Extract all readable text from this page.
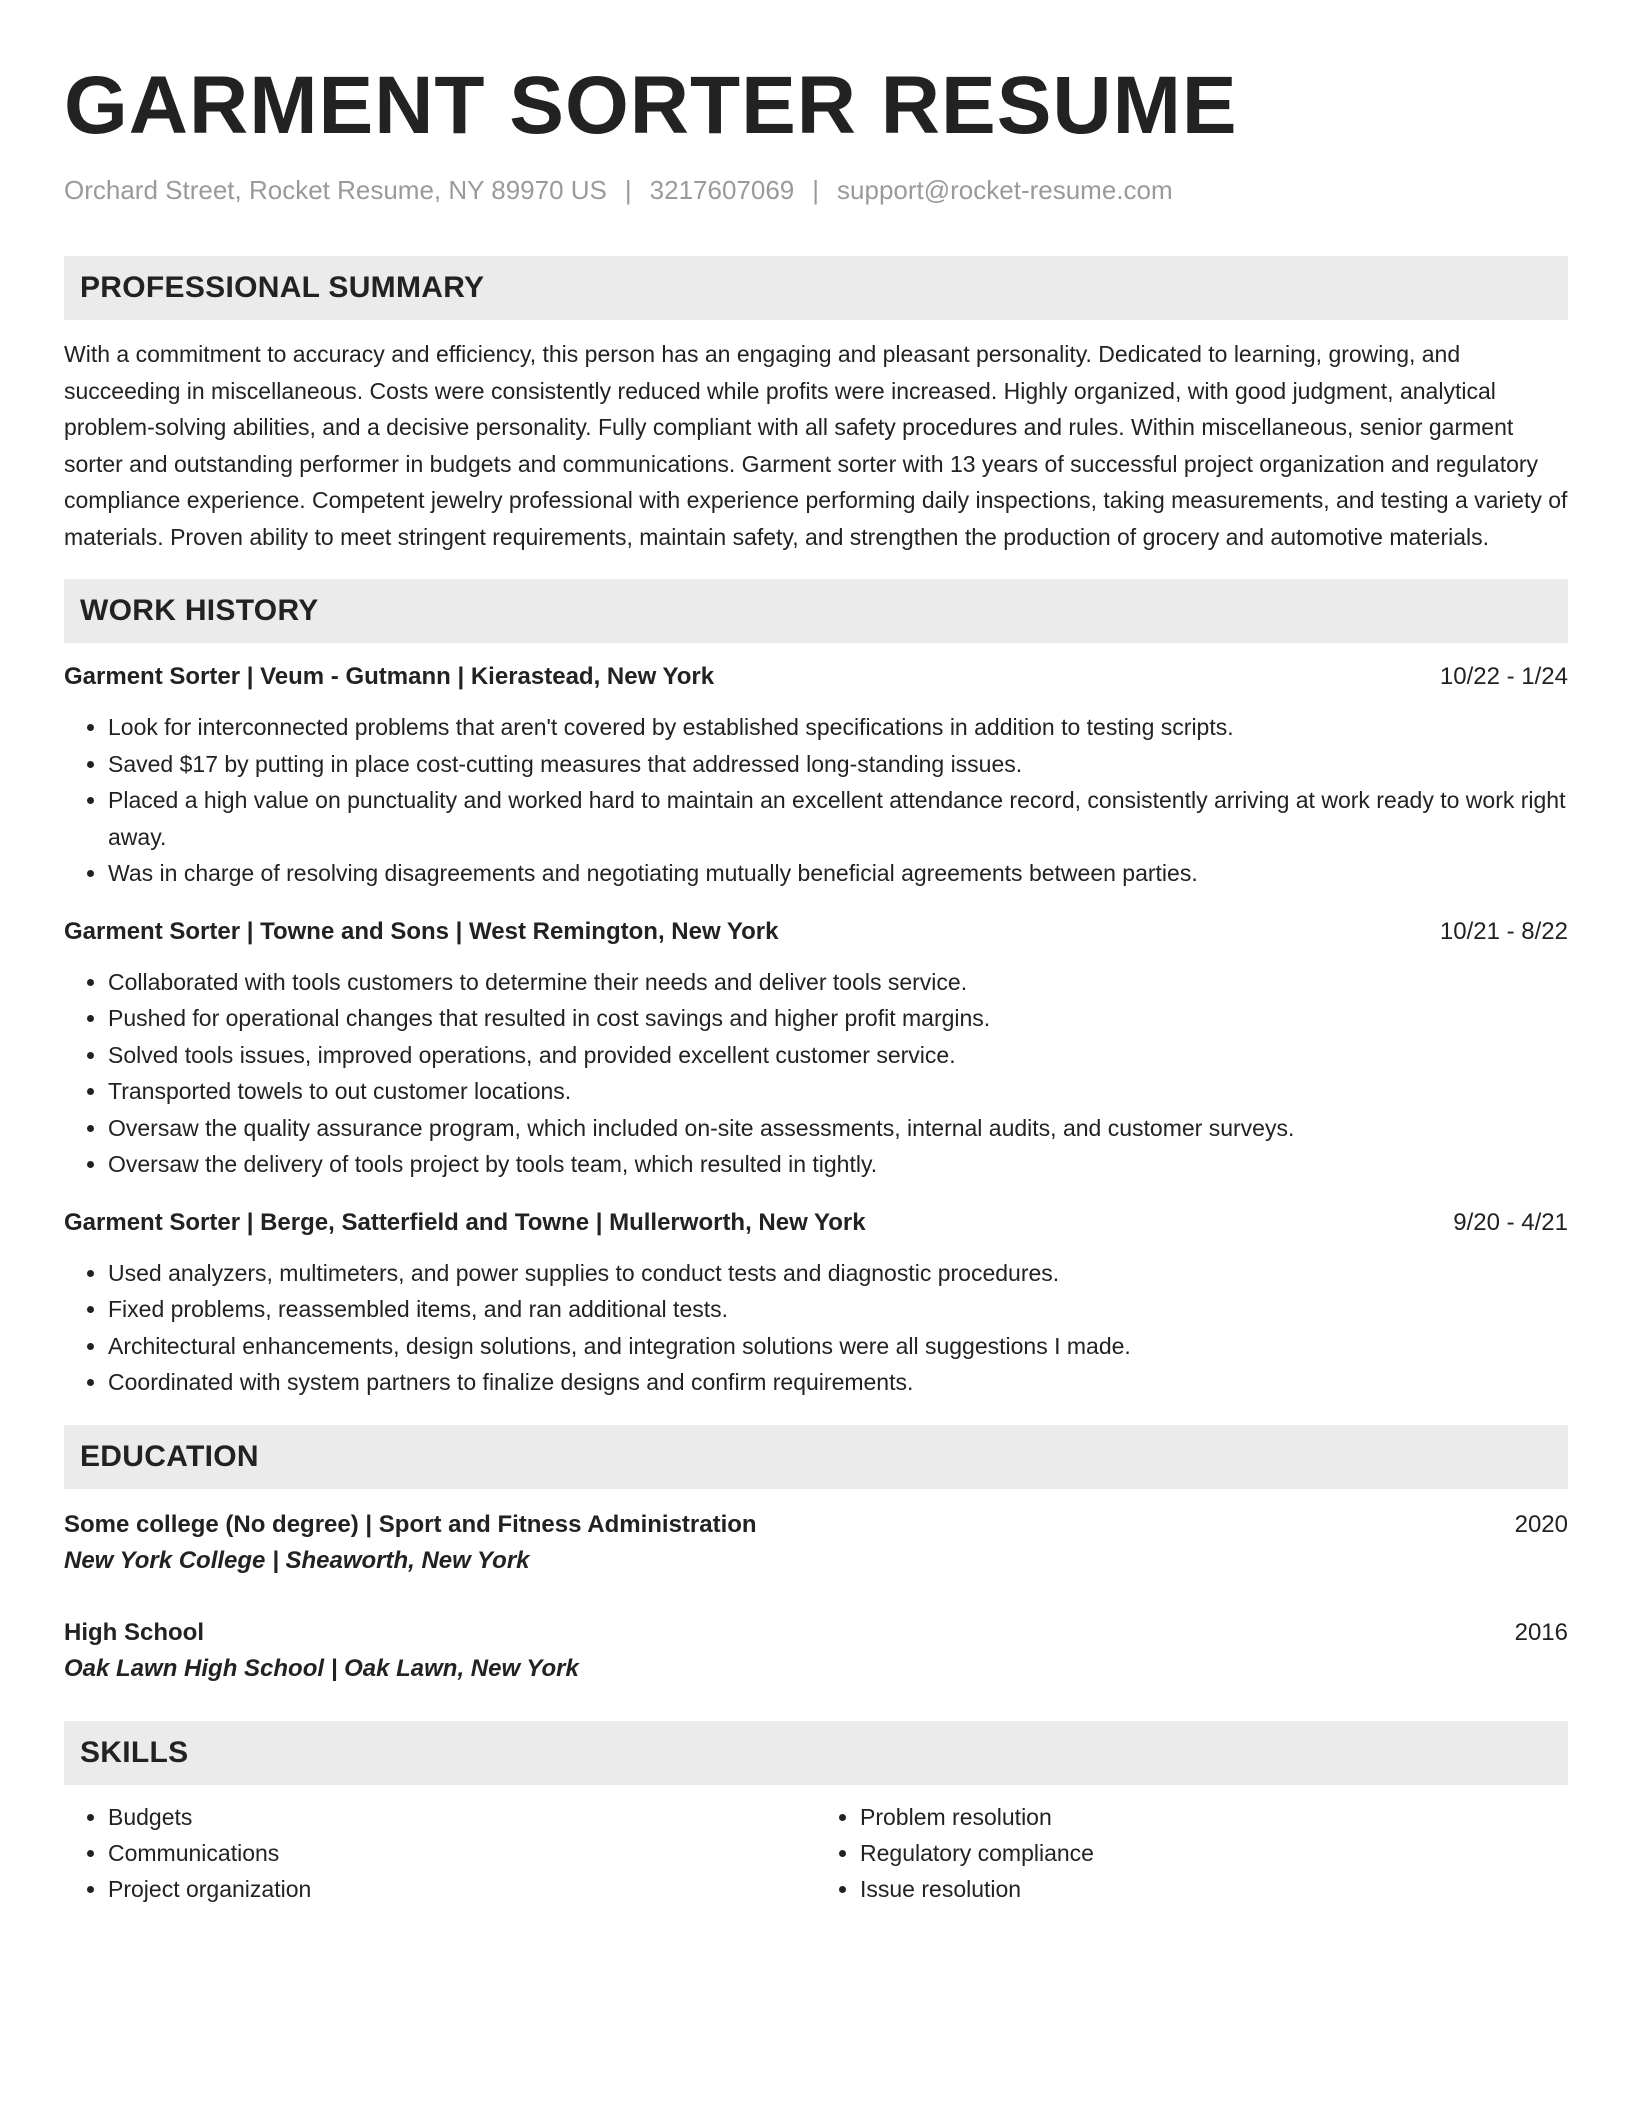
GARMENT SORTER RESUME
Orchard Street, Rocket Resume, NY 89970 US | 3217607069 | support@rocket-resume.com
PROFESSIONAL SUMMARY
With a commitment to accuracy and efficiency, this person has an engaging and pleasant personality. Dedicated to learning, growing, and succeeding in miscellaneous. Costs were consistently reduced while profits were increased. Highly organized, with good judgment, analytical problem-solving abilities, and a decisive personality. Fully compliant with all safety procedures and rules. Within miscellaneous, senior garment sorter and outstanding performer in budgets and communications. Garment sorter with 13 years of successful project organization and regulatory compliance experience. Competent jewelry professional with experience performing daily inspections, taking measurements, and testing a variety of materials. Proven ability to meet stringent requirements, maintain safety, and strengthen the production of grocery and automotive materials.
WORK HISTORY
Garment Sorter | Veum - Gutmann | Kierastead, New York	10/22 - 1/24
• Look for interconnected problems that aren't covered by established specifications in addition to testing scripts.
• Saved $17 by putting in place cost-cutting measures that addressed long-standing issues.
• Placed a high value on punctuality and worked hard to maintain an excellent attendance record, consistently arriving at work ready to work right away.
• Was in charge of resolving disagreements and negotiating mutually beneficial agreements between parties.
Garment Sorter | Towne and Sons | West Remington, New York	10/21 - 8/22
• Collaborated with tools customers to determine their needs and deliver tools service.
• Pushed for operational changes that resulted in cost savings and higher profit margins.
• Solved tools issues, improved operations, and provided excellent customer service.
• Transported towels to out customer locations.
• Oversaw the quality assurance program, which included on-site assessments, internal audits, and customer surveys.
• Oversaw the delivery of tools project by tools team, which resulted in tightly.
Garment Sorter | Berge, Satterfield and Towne | Mullerworth, New York	9/20 - 4/21
• Used analyzers, multimeters, and power supplies to conduct tests and diagnostic procedures.
• Fixed problems, reassembled items, and ran additional tests.
• Architectural enhancements, design solutions, and integration solutions were all suggestions I made.
• Coordinated with system partners to finalize designs and confirm requirements.
EDUCATION
Some college (No degree) | Sport and Fitness Administration	2020
New York College | Sheaworth, New York
High School	2016
Oak Lawn High School | Oak Lawn, New York
SKILLS
• Budgets
• Communications
• Project organization
• Problem resolution
• Regulatory compliance
• Issue resolution
